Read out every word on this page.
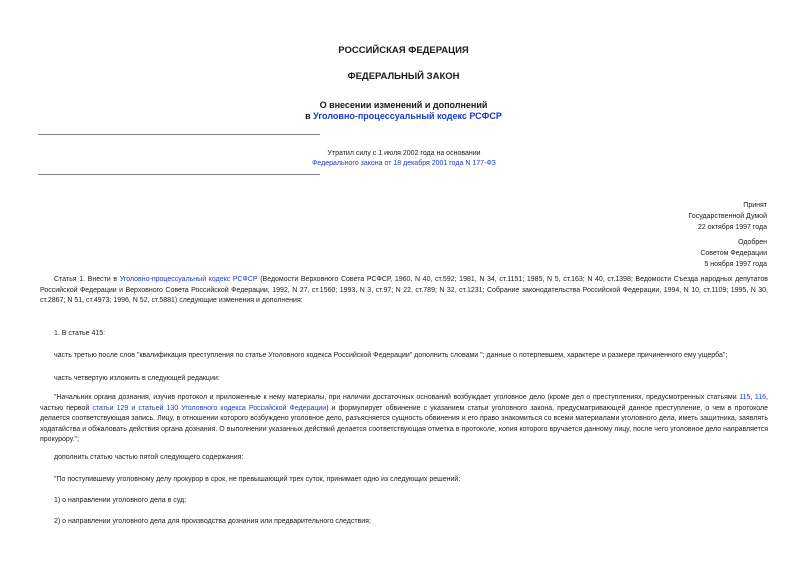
РОССИЙСКАЯ ФЕДЕРАЦИЯ
ФЕДЕРАЛЬНЫЙ ЗАКОН
О внесении изменений и дополнений
в Уголовно-процессуальный кодекс РСФСР
Утратил силу с 1 июля 2002 года на основании
Федерального закона от 18 декабря 2001 года N 177-ФЗ
Принят
Государственной Думой
22 октября 1997 года
Одобрен
Советом Федерации
5 ноября 1997 года
Статья 1. Внести в Уголовно-процессуальный кодекс РСФСР (Ведомости Верховного Совета РСФСР, 1960, N 40, ст.592; 1981, N 34, ст.1151; 1985, N 5, ст.163; N 40, ст.1398; Ведомости Съезда народных депутатов Российской Федерации и Верховного Совета Российской Федерации, 1992, N 27, ст.1560; 1993, N 3, ст.97; N 22, ст.789; N 32, ст.1231; Собрание законодательства Российской Федерации, 1994, N 10, ст.1109; 1995, N 30, ст.2867; N 51, ст.4973; 1996, N 52, ст.5881) следующие изменения и дополнения:
1. В статье 415:
часть третью после слов "квалификация преступления по статье Уголовного кодекса Российской Федерации" дополнить словами "; данные о потерпевшем, характере и размере причиненного ему ущерба";
часть четвертую изложить в следующей редакции:
"Начальник органа дознания, изучив протокол и приложенные к нему материалы, при наличии достаточных оснований возбуждает уголовное дело (кроме дел о преступлениях, предусмотренных статьями 115, 116, частью первой статьи 129 и статьей 130 Уголовного кодекса Российской Федерации) и формулирует обвинение с указанием статьи уголовного закона, предусматривающей данное преступление, о чем в протоколе делается соответствующая запись. Лицу, в отношении которого возбуждено уголовное дело, разъясняется сущность обвинения и его право знакомиться со всеми материалами уголовного дела, иметь защитника, заявлять ходатайства и обжаловать действия органа дознания. О выполнении указанных действий делается соответствующая отметка в протоколе, копия которого вручается данному лицу, после чего уголовное дело направляется прокурору.";
дополнить статью частью пятой следующего содержания:
"По поступившему уголовному делу прокурор в срок, не превышающий трех суток, принимает одно из следующих решений:
1) о направлении уголовного дела в суд;
2) о направлении уголовного дела для производства дознания или предварительного следствия;
